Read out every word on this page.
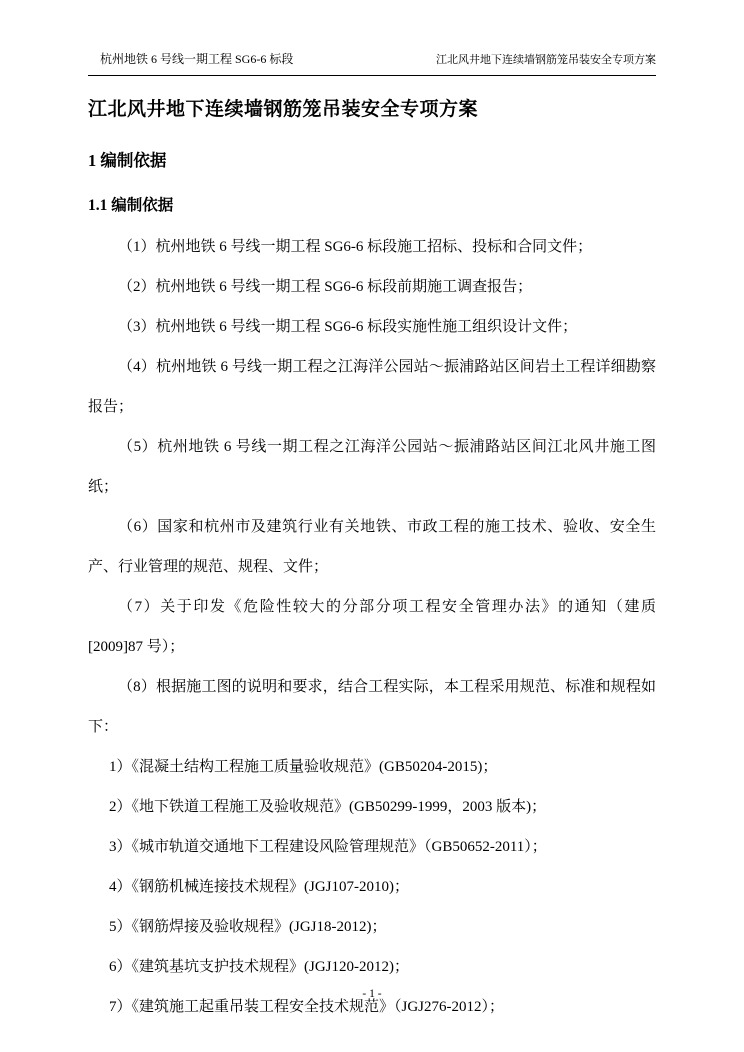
杭州地铁 6 号线一期工程 SG6-6 标段	江北风井地下连续墙钢筋笼吊装安全专项方案
江北风井地下连续墙钢筋笼吊装安全专项方案
1 编制依据
1.1 编制依据

（1）杭州地铁 6 号线一期工程 SG6-6 标段施工招标、投标和合同文件；

（2）杭州地铁 6 号线一期工程 SG6-6 标段前期施工调查报告；

（3）杭州地铁 6 号线一期工程 SG6-6 标段实施性施工组织设计文件；

（4）杭州地铁 6 号线一期工程之江海洋公园站～振浦路站区间岩土工程详细勘察报告；

（5）杭州地铁 6 号线一期工程之江海洋公园站～振浦路站区间江北风井施工图纸；

（6）国家和杭州市及建筑行业有关地铁、市政工程的施工技术、验收、安全生产、行业管理的规范、规程、文件；

（7）关于印发《危险性较大的分部分项工程安全管理办法》的通知（建质[2009]87 号）；

（8）根据施工图的说明和要求，结合工程实际，本工程采用规范、标准和规程如下：

1）《混凝土结构工程施工质量验收规范》(GB50204-2015)；

2）《地下铁道工程施工及验收规范》(GB50299-1999，2003 版本)；

3）《城市轨道交通地下工程建设风险管理规范》（GB50652-2011）；

4）《钢筋机械连接技术规程》(JGJ107-2010)；

5）《钢筋焊接及验收规程》(JGJ18-2012)；

6）《建筑基坑支护技术规程》(JGJ120-2012)；

7）《建筑施工起重吊装工程安全技术规范》（JGJ276-2012）；

- 1 -
